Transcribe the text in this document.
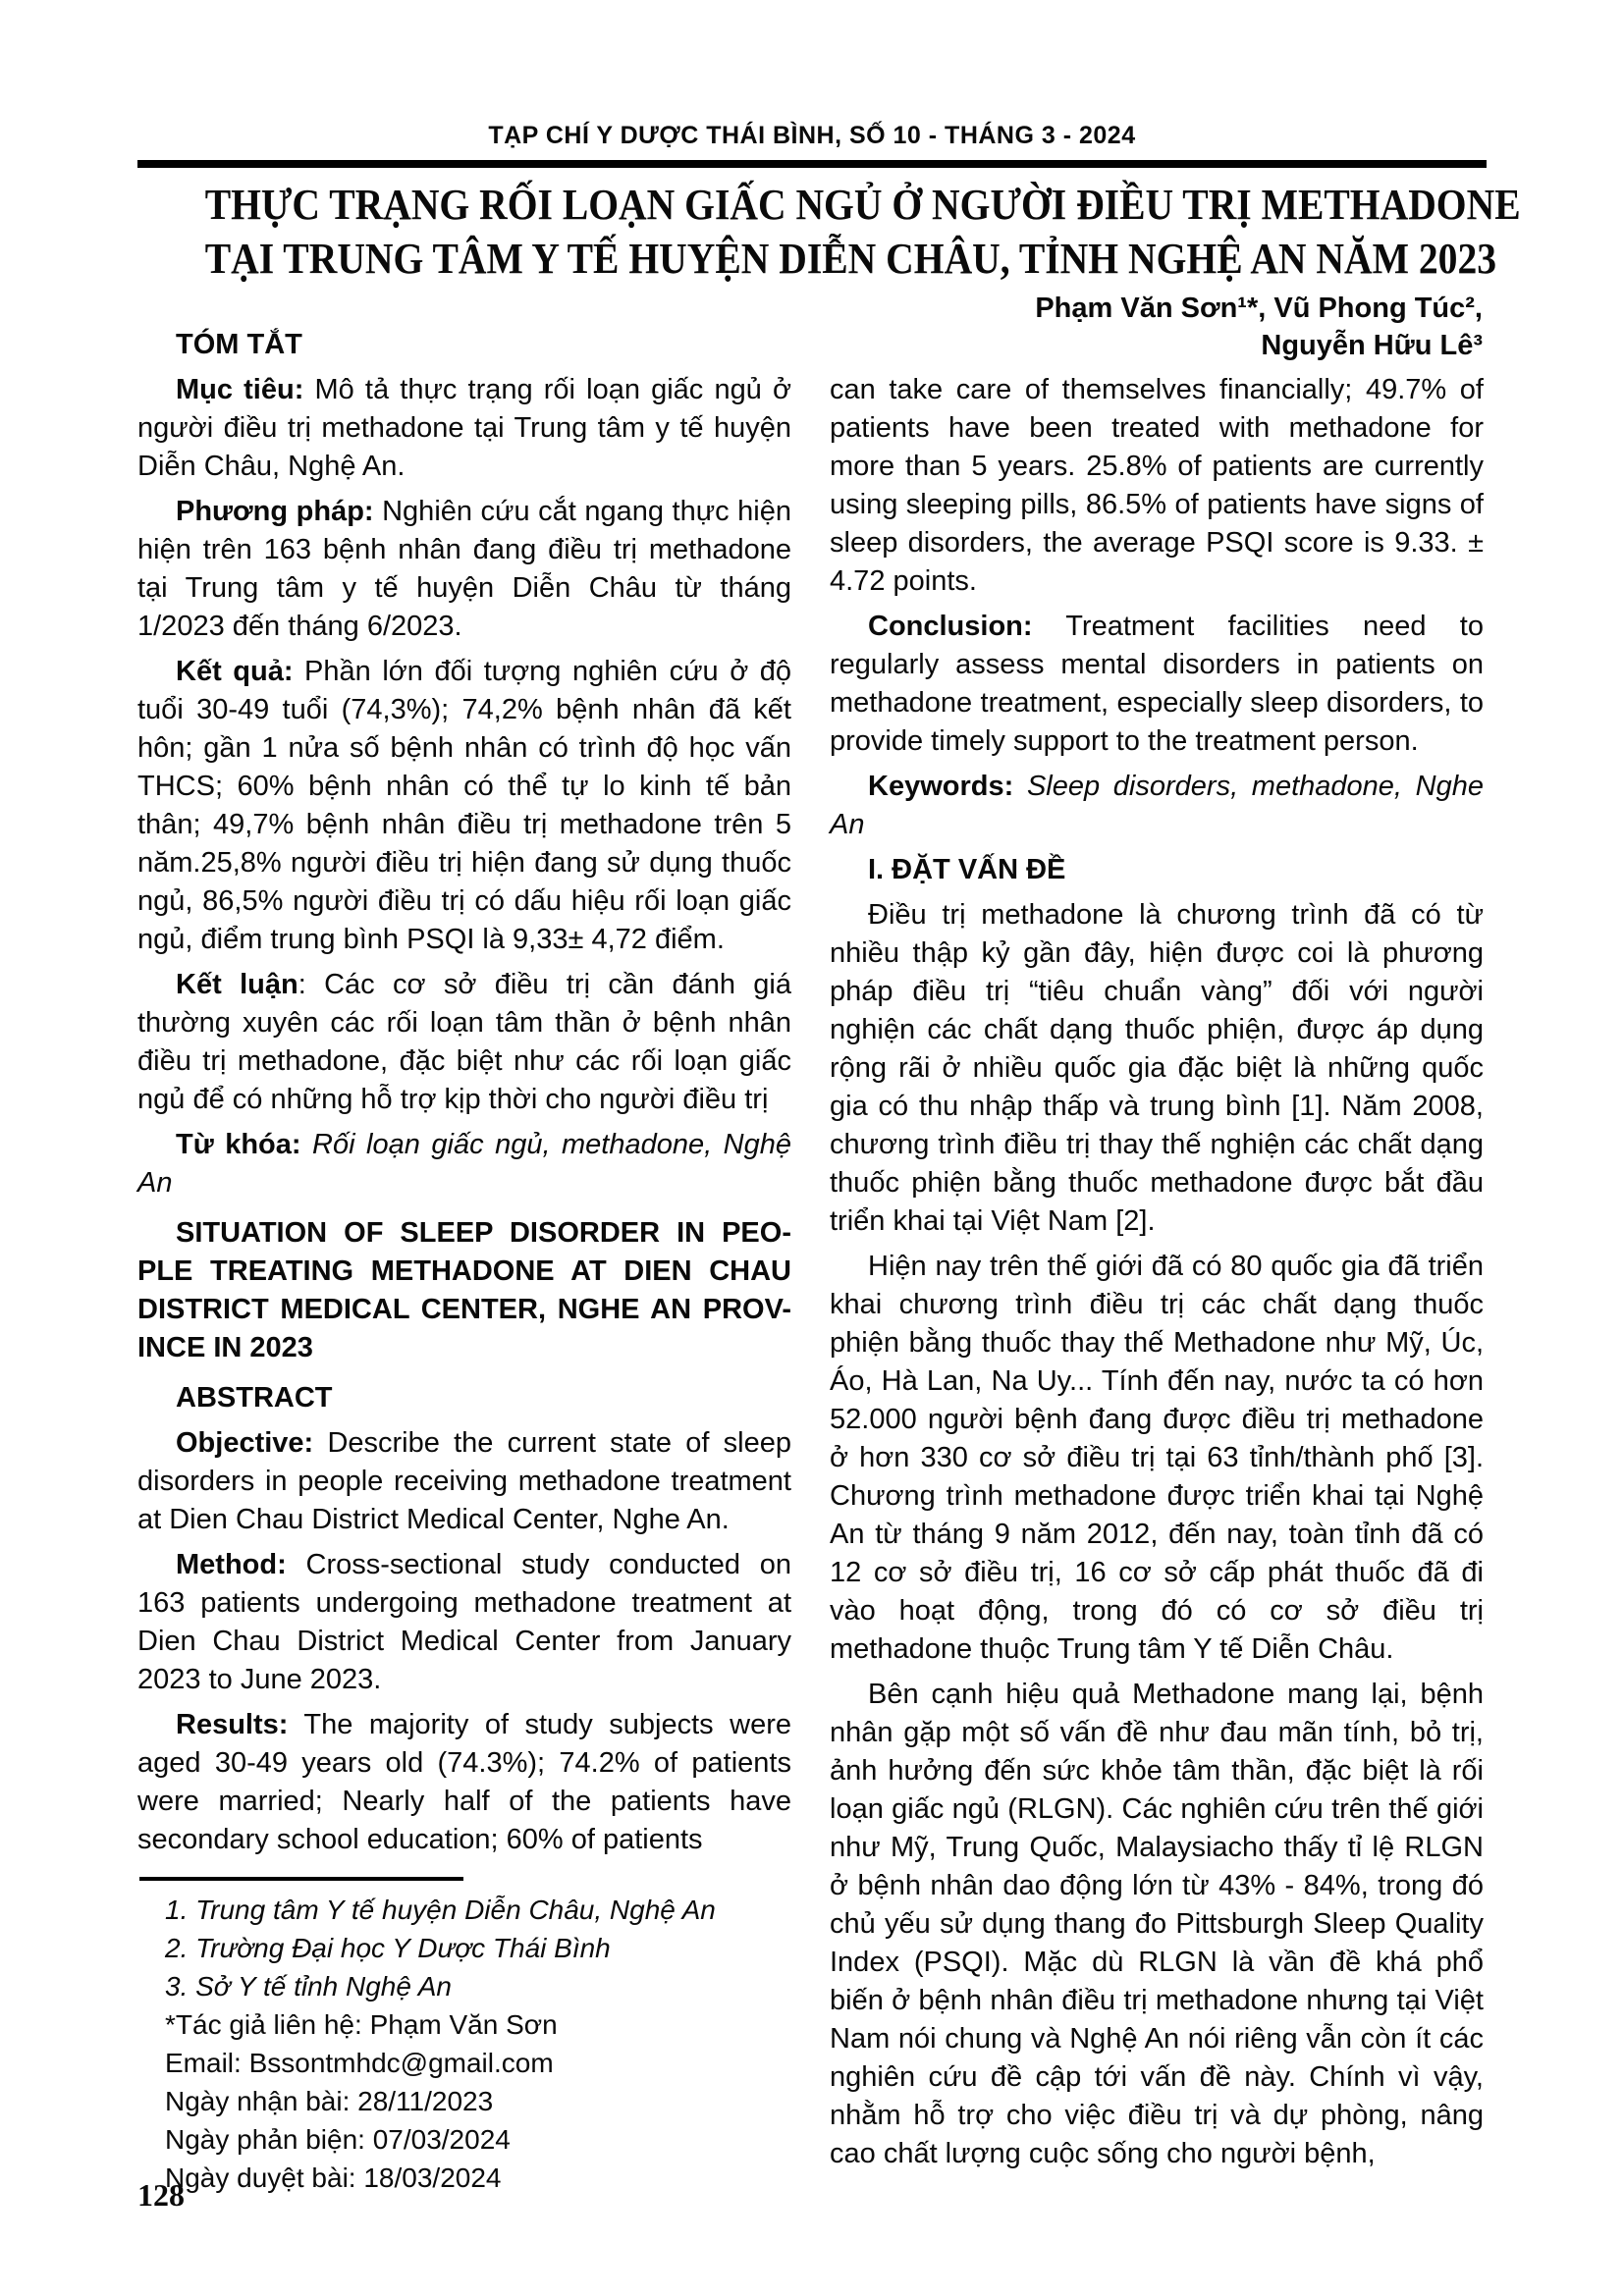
TẠP CHÍ Y DƯỢC THÁI BÌNH, SỐ 10 - THÁNG 3 - 2024
THỰC TRẠNG RỐI LOẠN GIẤC NGỦ Ở NGƯỜI ĐIỀU TRỊ METHADONE
TẠI TRUNG TÂM Y TẾ HUYỆN DIỄN CHÂU, TỈNH NGHỆ AN NĂM 2023
Phạm Văn Sơn¹*, Vũ Phong Túc²,
Nguyễn Hữu Lê³
TÓM TẮT

Mục tiêu: Mô tả thực trạng rối loạn giấc ngủ ở người điều trị methadone tại Trung tâm y tế huyện Diễn Châu, Nghệ An.

Phương pháp: Nghiên cứu cắt ngang thực hiện hiện trên 163 bệnh nhân đang điều trị methadone tại Trung tâm y tế huyện Diễn Châu từ tháng 1/2023 đến tháng 6/2023.

Kết quả: Phần lớn đối tượng nghiên cứu ở độ tuổi 30-49 tuổi (74,3%); 74,2% bệnh nhân đã kết hôn; gần 1 nửa số bệnh nhân có trình độ học vấn THCS; 60% bệnh nhân có thể tự lo kinh tế bản thân; 49,7% bệnh nhân điều trị methadone trên 5 năm.25,8% người điều trị hiện đang sử dụng thuốc ngủ, 86,5% người điều trị có dấu hiệu rối loạn giấc ngủ, điểm trung bình PSQI là 9,33± 4,72 điểm.

Kết luận: Các cơ sở điều trị cần đánh giá thường xuyên các rối loạn tâm thần ở bệnh nhân điều trị methadone, đặc biệt như các rối loạn giấc ngủ để có những hỗ trợ kịp thời cho người điều trị

Từ khóa: Rối loạn giấc ngủ, methadone, Nghệ An

SITUATION OF SLEEP DISORDER IN PEO-
PLE TREATING METHADONE AT DIEN CHAU
DISTRICT MEDICAL CENTER, NGHE AN PROV-
INCE IN 2023
ABSTRACT

Objective: Describe the current state of sleep disorders in people receiving methadone treatment at Dien Chau District Medical Center, Nghe An.

Method: Cross-sectional study conducted on 163 patients undergoing methadone treatment at Dien Chau District Medical Center from January 2023 to June 2023.

Results: The majority of study subjects were aged 30-49 years old (74.3%); 74.2% of patients were married; Nearly half of the patients have secondary school education; 60% of patients

1. Trung tâm Y tế huyện Diễn Châu, Nghệ An
2. Trường Đại học Y Dược Thái Bình
3. Sở Y tế tỉnh Nghệ An
*Tác giả liên hệ: Phạm Văn Sơn
Email: Bssontmhdc@gmail.com
Ngày nhận bài: 28/11/2023
Ngày phản biện: 07/03/2024
Ngày duyệt bài: 18/03/2024

can take care of themselves financially; 49.7% of patients have been treated with methadone for more than 5 years. 25.8% of patients are currently using sleeping pills, 86.5% of patients have signs of sleep disorders, the average PSQI score is 9.33. ± 4.72 points.

Conclusion: Treatment facilities need to regularly assess mental disorders in patients on methadone treatment, especially sleep disorders, to provide timely support to the treatment person.

Keywords: Sleep disorders, methadone, Nghe An

I. ĐẶT VẤN ĐỀ

Điều trị methadone là chương trình đã có từ nhiều thập kỷ gần đây, hiện được coi là phương pháp điều trị “tiêu chuẩn vàng” đối với người nghiện các chất dạng thuốc phiện, được áp dụng rộng rãi ở nhiều quốc gia đặc biệt là những quốc gia có thu nhập thấp và trung bình [1]. Năm 2008, chương trình điều trị thay thế nghiện các chất dạng thuốc phiện bằng thuốc methadone được bắt đầu triển khai tại Việt Nam [2].

Hiện nay trên thế giới đã có 80 quốc gia đã triển khai chương trình điều trị các chất dạng thuốc phiện bằng thuốc thay thế Methadone như Mỹ, Úc, Áo, Hà Lan, Na Uy... Tính đến nay, nước ta có hơn 52.000 người bệnh đang được điều trị methadone ở hơn 330 cơ sở điều trị tại 63 tỉnh/thành phố [3]. Chương trình methadone được triển khai tại Nghệ An từ tháng 9 năm 2012, đến nay, toàn tỉnh đã có 12 cơ sở điều trị, 16 cơ sở cấp phát thuốc đã đi vào hoạt động, trong đó có cơ sở điều trị methadone thuộc Trung tâm Y tế Diễn Châu.

Bên cạnh hiệu quả Methadone mang lại, bệnh nhân gặp một số vấn đề như đau mãn tính, bỏ trị, ảnh hưởng đến sức khỏe tâm thần, đặc biệt là rối loạn giấc ngủ (RLGN). Các nghiên cứu trên thế giới như Mỹ, Trung Quốc, Malaysiacho thấy tỉ lệ RLGN ở bệnh nhân dao động lớn từ 43% - 84%, trong đó chủ yếu sử dụng thang đo Pittsburgh Sleep Quality Index (PSQI). Mặc dù RLGN là vần đề khá phổ biến ở bệnh nhân điều trị methadone nhưng tại Việt Nam nói chung và Nghệ An nói riêng vẫn còn ít các nghiên cứu đề cập tới vấn đề này. Chính vì vậy, nhằm hỗ trợ cho việc điều trị và dự phòng, nâng cao chất lượng cuộc sống cho người bệnh,

128
